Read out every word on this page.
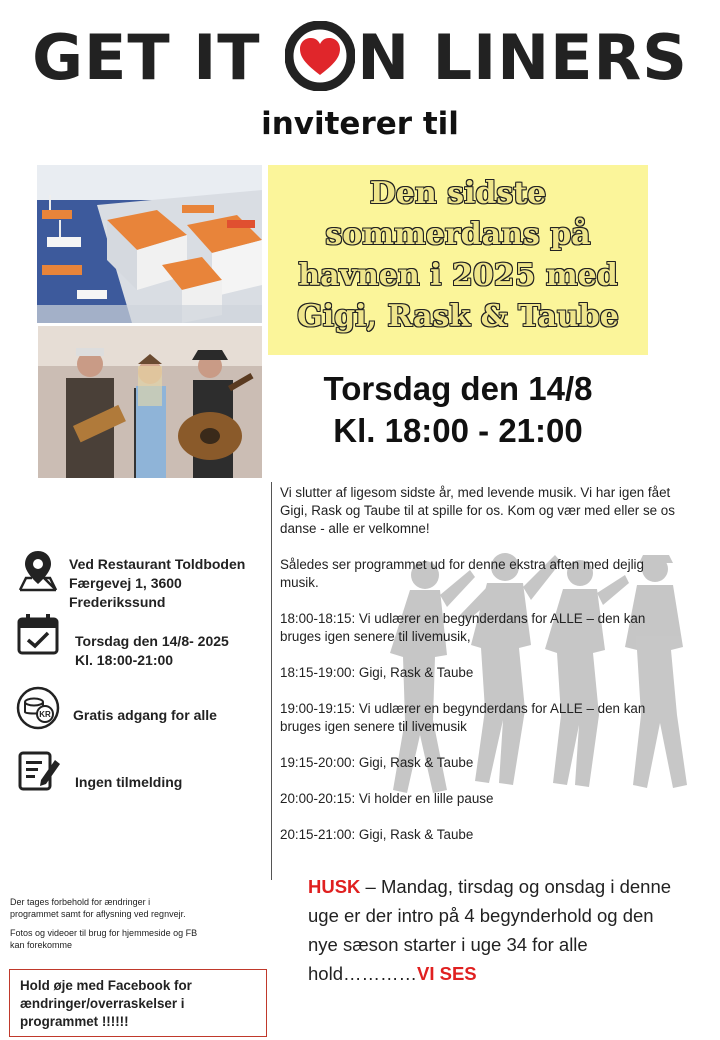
GET IT N LINERS
inviterer til
Den sidste
sommerdans på
havnen i 2025 med
Gigi, Rask & Taube
Torsdag den 14/8
Kl. 18:00 - 21:00

Vi slutter af ligesom sidste år, med levende musik. Vi har igen fået Gigi, Rask og Taube til at spille for os. Kom og vær med eller se os danse - alle er velkomne!

Således ser programmet ud for denne ekstra aften med dejlig musik.

18:00-18:15: Vi udlærer en begynderdans for ALLE – den kan bruges igen senere til livemusik,

18:15-19:00: Gigi, Rask & Taube

19:00-19:15: Vi udlærer en begynderdans for ALLE – den kan bruges igen senere til livemusik

19:15-20:00: Gigi, Rask & Taube

20:00-20:15: Vi holder en lille pause

20:15-21:00: Gigi, Rask & Taube

Ved Restaurant Toldboden
Færgevej 1, 3600
Frederikssund
Torsdag den 14/8- 2025
Kl. 18:00-21:00
KR Gratis adgang for alle
Ingen tilmelding
HUSK – Mandag, tirsdag og onsdag i denne uge er der intro på 4 begynderhold og den nye sæson starter i uge 34 for alle hold…………VI SES

Der tages forbehold for ændringer i programmet samt for aflysning ved regnvejr.

Fotos og videoer til brug for hjemmeside og FB kan forekomme

Hold øje med Facebook for ændringer/overraskelser i programmet !!!!!!
